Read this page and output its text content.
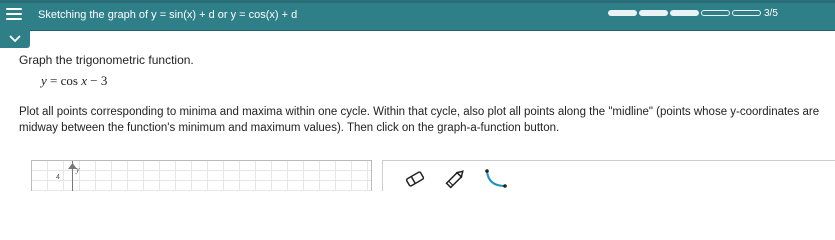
Sketching the graph of y = sin(x) + d or y = cos(x) + d	3/5
Graph the trigonometric function.
y = cos x − 3
Plot all points corresponding to minima and maxima within one cycle. Within that cycle, also plot all points along the "midline" (points whose y-coordinates are midway between the function's minimum and maximum values). Then click on the graph-a-function button.
y
4
